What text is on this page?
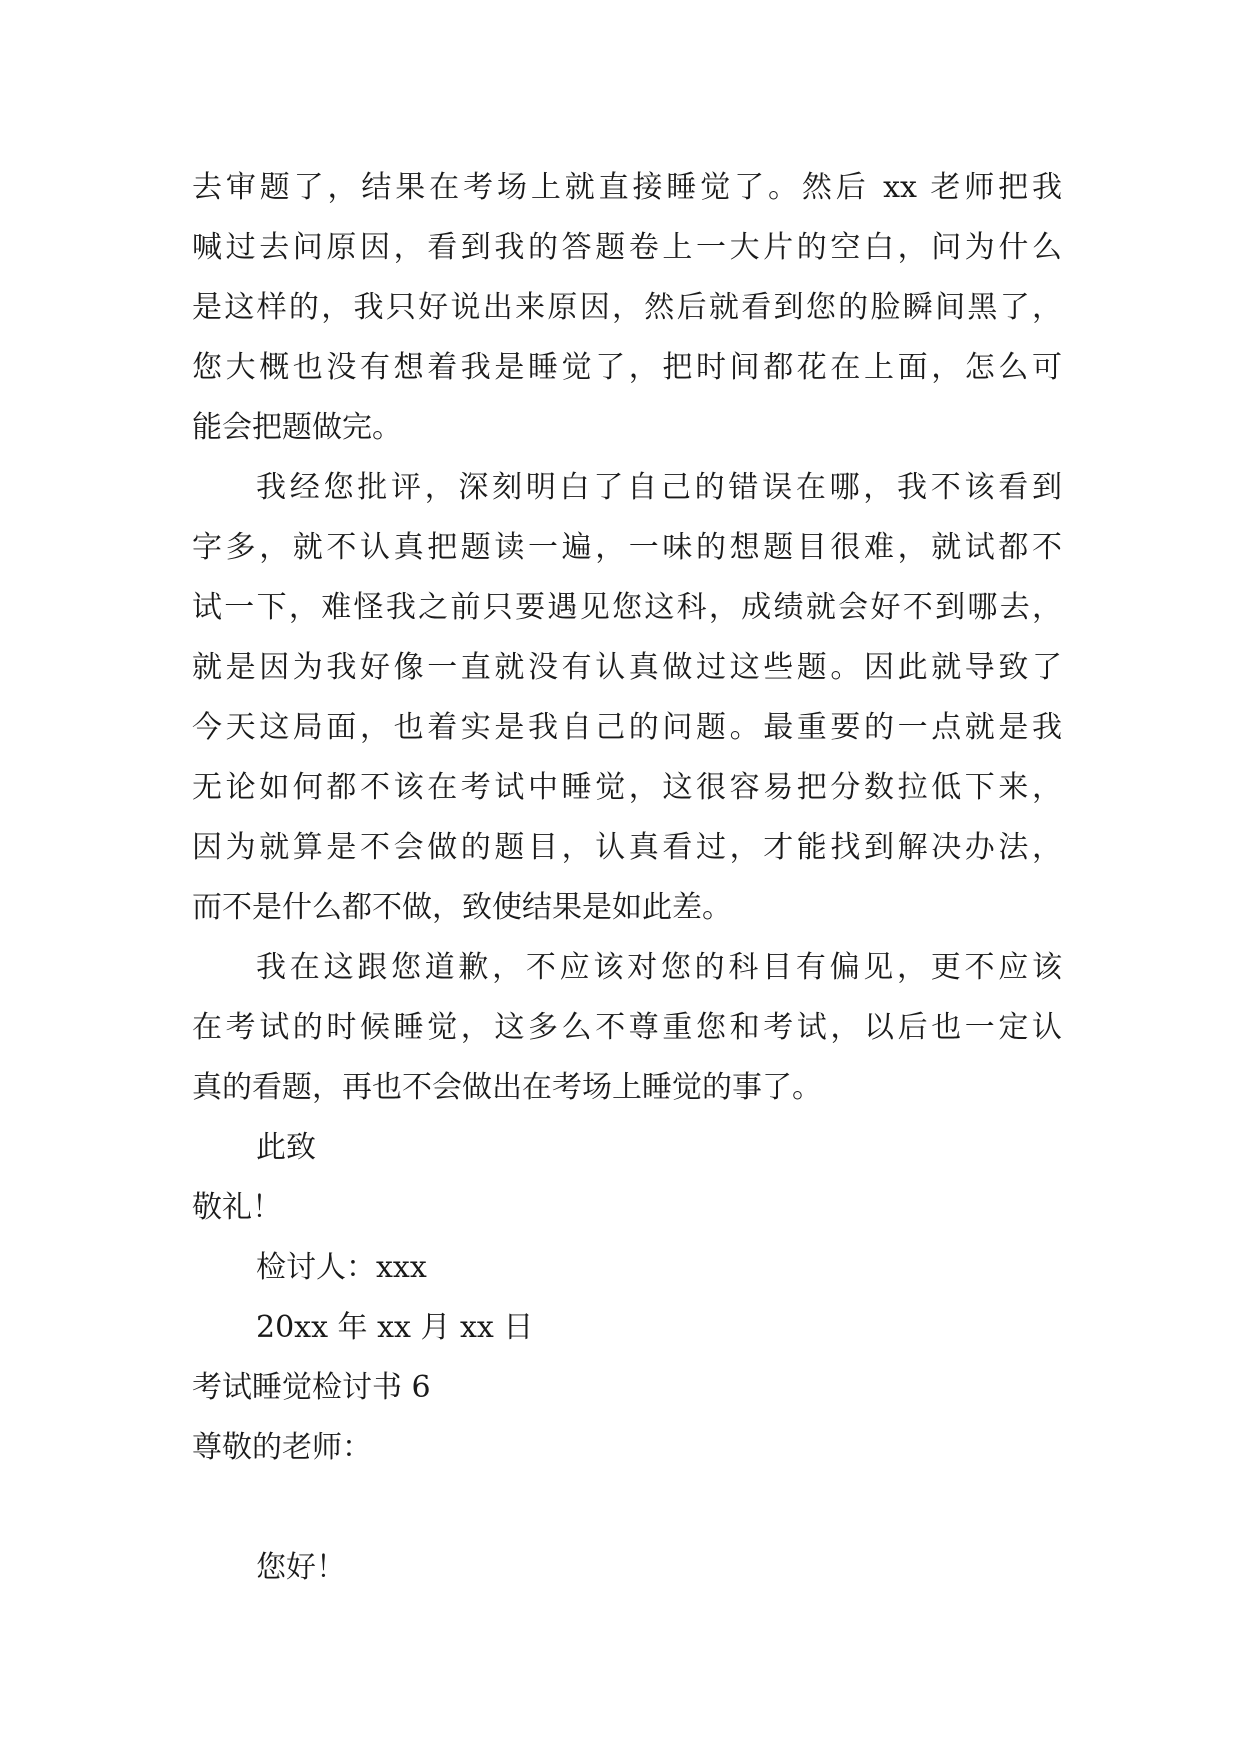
去审题了，结果在考场上就直接睡觉了。然后 xx 老师把我
喊过去问原因，看到我的答题卷上一大片的空白，问为什么
是这样的，我只好说出来原因，然后就看到您的脸瞬间黑了，
您大概也没有想着我是睡觉了，把时间都花在上面，怎么可
能会把题做完。
我经您批评，深刻明白了自己的错误在哪，我不该看到
字多，就不认真把题读一遍，一味的想题目很难，就试都不
试一下，难怪我之前只要遇见您这科，成绩就会好不到哪去，
就是因为我好像一直就没有认真做过这些题。因此就导致了
今天这局面，也着实是我自己的问题。最重要的一点就是我
无论如何都不该在考试中睡觉，这很容易把分数拉低下来，
因为就算是不会做的题目，认真看过，才能找到解决办法，
而不是什么都不做，致使结果是如此差。
我在这跟您道歉，不应该对您的科目有偏见，更不应该
在考试的时候睡觉，这多么不尊重您和考试，以后也一定认
真的看题，再也不会做出在考场上睡觉的事了。
此致
敬礼！
检讨人：xxx
20xx 年 xx 月 xx 日
考试睡觉检讨书 6
尊敬的老师：
您好！
